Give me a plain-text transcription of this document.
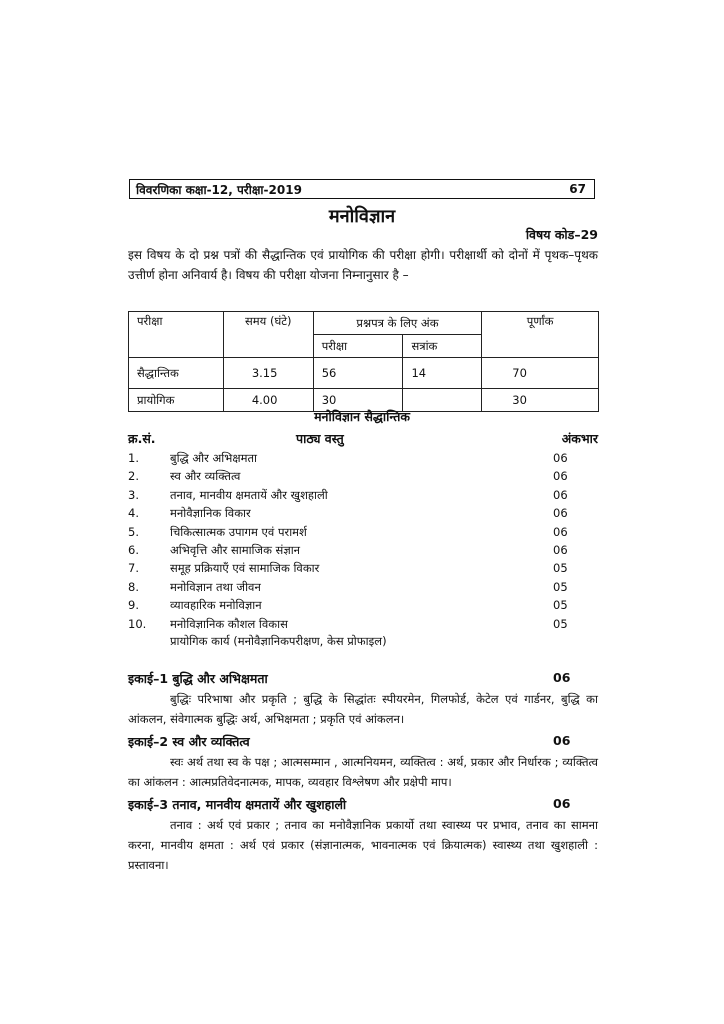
विवरणिका कक्षा-12, परीक्षा-2019	67
मनोविज्ञान
विषय कोड–29
इस विषय के दो प्रश्न पत्रों की सैद्धान्तिक एवं प्रायोगिक की परीक्षा होगी। परीक्षार्थी को दोनों में पृथक–पृथक उत्तीर्ण होना अनिवार्य है। विषय की परीक्षा योजना निम्नानुसार है –
परीक्षा	समय (घंटे)	प्रश्नपत्र के लिए अंक		पूर्णांक
		परीक्षा	सत्रांक	
सैद्धान्तिक	3.15	56	14	70
प्रायोगिक	4.00	30		30
मनोविज्ञान सैद्धान्तिक
क्र.सं.	पाठ्य वस्तु	अंकभार
1.	बुद्धि और अभिक्षमता	06
2.	स्व और व्यक्तित्व	06
3.	तनाव, मानवीय क्षमतायें और खुशहाली	06
4.	मनोवैज्ञानिक विकार	06
5.	चिकित्सात्मक उपागम एवं परामर्श	06
6.	अभिवृत्ति और सामाजिक संज्ञान	06
7.	समूह प्रक्रियाएँ एवं सामाजिक विकार	05
8.	मनोविज्ञान तथा जीवन	05
9.	व्यावहारिक मनोविज्ञान	05
10. मनोविज्ञानिक कौशल विकास	05
प्रायोगिक कार्य (मनोवैज्ञानिकपरीक्षण, केस प्रोफाइल)
इकाई–1 बुद्धि और अभिक्षमता	06
बुद्धिः परिभाषा और प्रकृति ; बुद्धि के सिद्धांतः स्पीयरमेन, गिलफोर्ड, केटेल एवं गार्डनर, बुद्धि का आंकलन, संवेगात्मक बुद्धिः अर्थ, अभिक्षमता ; प्रकृति एवं आंकलन।
इकाई–2 स्व और व्यक्तित्व	06
स्वः अर्थ तथा स्व के पक्ष ; आत्मसम्मान , आत्मनियमन, व्यक्तित्व : अर्थ, प्रकार और निर्धारक ; व्यक्तित्व का आंकलन : आत्मप्रतिवेदनात्मक, मापक, व्यवहार विश्लेषण और प्रक्षेपी माप।
इकाई–3 तनाव, मानवीय क्षमतायें और खुशहाली	06
तनाव : अर्थ एवं प्रकार ; तनाव का मनोवैज्ञानिक प्रकार्यो तथा स्वास्थ्य पर प्रभाव, तनाव का सामना करना, मानवीय क्षमता : अर्थ एवं प्रकार (संज्ञानात्मक, भावनात्मक एवं क्रियात्मक) स्वास्थ्य तथा खुशहाली : प्रस्तावना।
